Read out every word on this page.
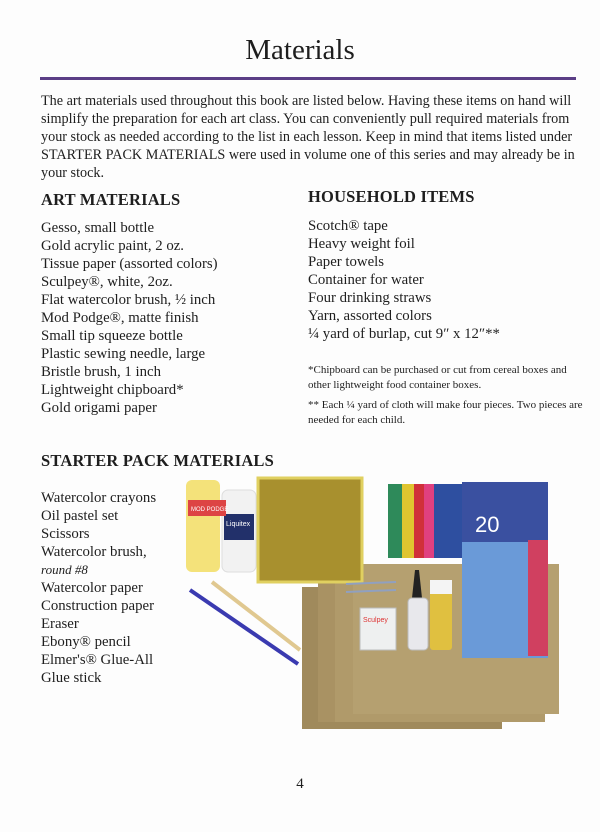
Materials
The art materials used throughout this book are listed below. Having these items on hand will simplify the preparation for each art class. You can conveniently pull required materials from your stock as needed according to the list in each lesson. Keep in mind that items listed under STARTER PACK MATERIALS were used in volume one of this series and may already be in your stock.
ART MATERIALS
Gesso, small bottle
Gold acrylic paint, 2 oz.
Tissue paper (assorted colors)
Sculpey®, white, 2oz.
Flat watercolor brush, ½ inch
Mod Podge®, matte finish
Small tip squeeze bottle
Plastic sewing needle, large
Bristle brush, 1 inch
Lightweight chipboard*
Gold origami paper
HOUSEHOLD ITEMS
Scotch® tape
Heavy weight foil
Paper towels
Container for water
Four drinking straws
Yarn, assorted colors
¼ yard of burlap, cut 9″ x 12″**
*Chipboard can be purchased or cut from cereal boxes and other lightweight food container boxes.
** Each ¼ yard of cloth will make four pieces. Two pieces are needed for each child.
STARTER PACK MATERIALS
Watercolor crayons
Oil pastel set
Scissors
Watercolor brush,
round #8
Watercolor paper
Construction paper
Eraser
Ebony® pencil
Elmer's® Glue-All
Glue stick
20
Liquitex
MOD PODGE
Sculpey
4
